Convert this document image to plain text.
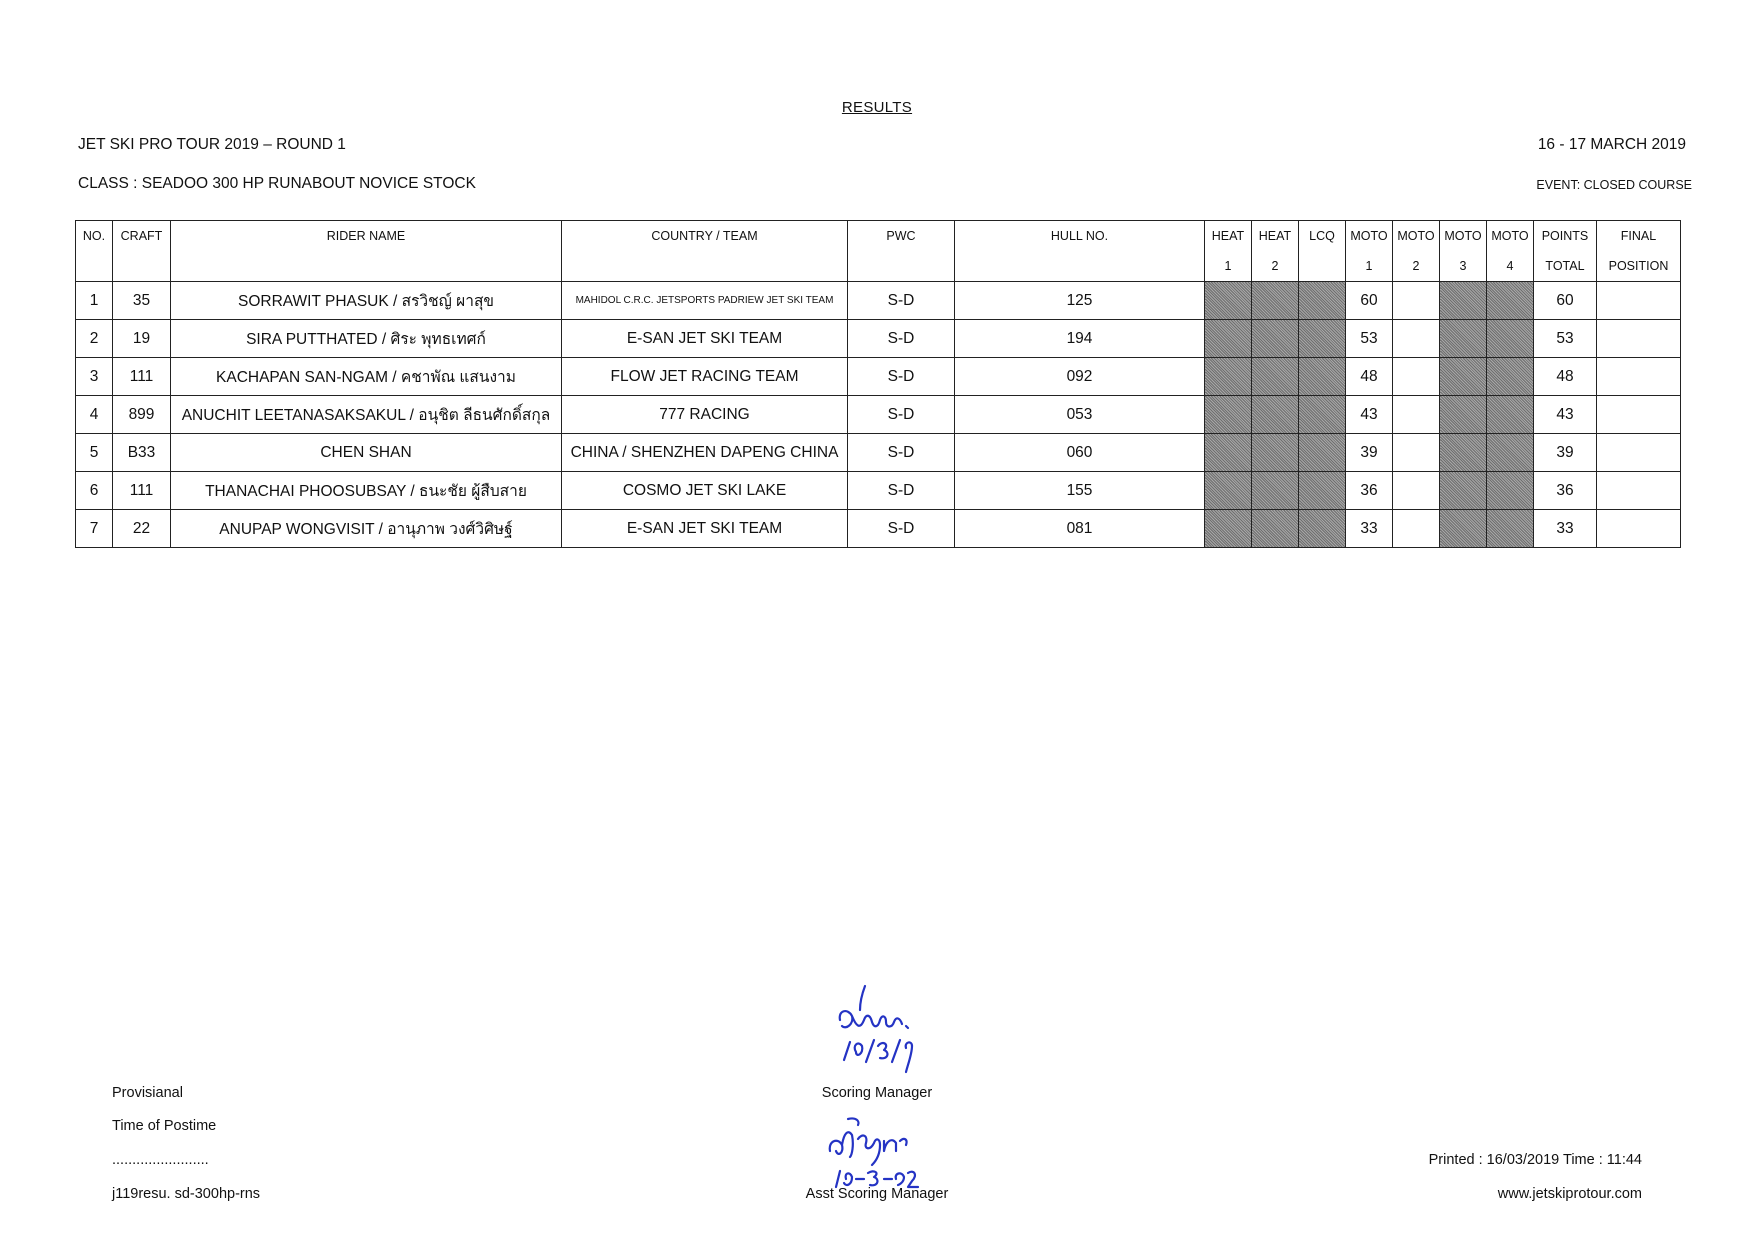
RESULTS
JET SKI PRO TOUR 2019 – ROUND 1	16 - 17 MARCH 2019
CLASS : SEADOO 300 HP RUNABOUT NOVICE STOCK	EVENT: CLOSED COURSE
NO.	CRAFT	RIDER NAME	COUNTRY / TEAM	PWC	HULL NO.	HEAT	HEAT	LCQ	MOTO	MOTO	MOTO	MOTO	POINTS	FINAL
						1	2		1	2	3	4	TOTAL	POSITION
1	35	SORRAWIT PHASUK / สรวิชญ์ ผาสุข	MAHIDOL C.R.C. JETSPORTS PADRIEW JET SKI TEAM	S-D	125				60				60	
2	19	SIRA PUTTHATED / ศิระ พุทธเทศก์	E-SAN JET SKI TEAM	S-D	194				53				53	
3	111	KACHAPAN SAN-NGAM / คชาพัณ แสนงาม	FLOW JET RACING TEAM	S-D	092				48				48	
4	899	ANUCHIT LEETANASAKSAKUL / อนุชิต ลีธนศักดิ์สกุล	777 RACING	S-D	053				43				43	
5	B33	CHEN SHAN	CHINA / SHENZHEN DAPENG CHINA	S-D	060				39				39	
6	111	THANACHAI PHOOSUBSAY / ธนะชัย ผู้สืบสาย	COSMO JET SKI LAKE	S-D	155				36				36	
7	22	ANUPAP WONGVISIT / อานุภาพ วงศ์วิศิษฐ์	E-SAN JET SKI TEAM	S-D	081				33				33	
Provisianal
Time of Postime
........................
j119resu. sd-300hp-rns
Scoring Manager
Asst Scoring Manager
Printed : 16/03/2019 Time : 11:44
www.jetskiprotour.com
